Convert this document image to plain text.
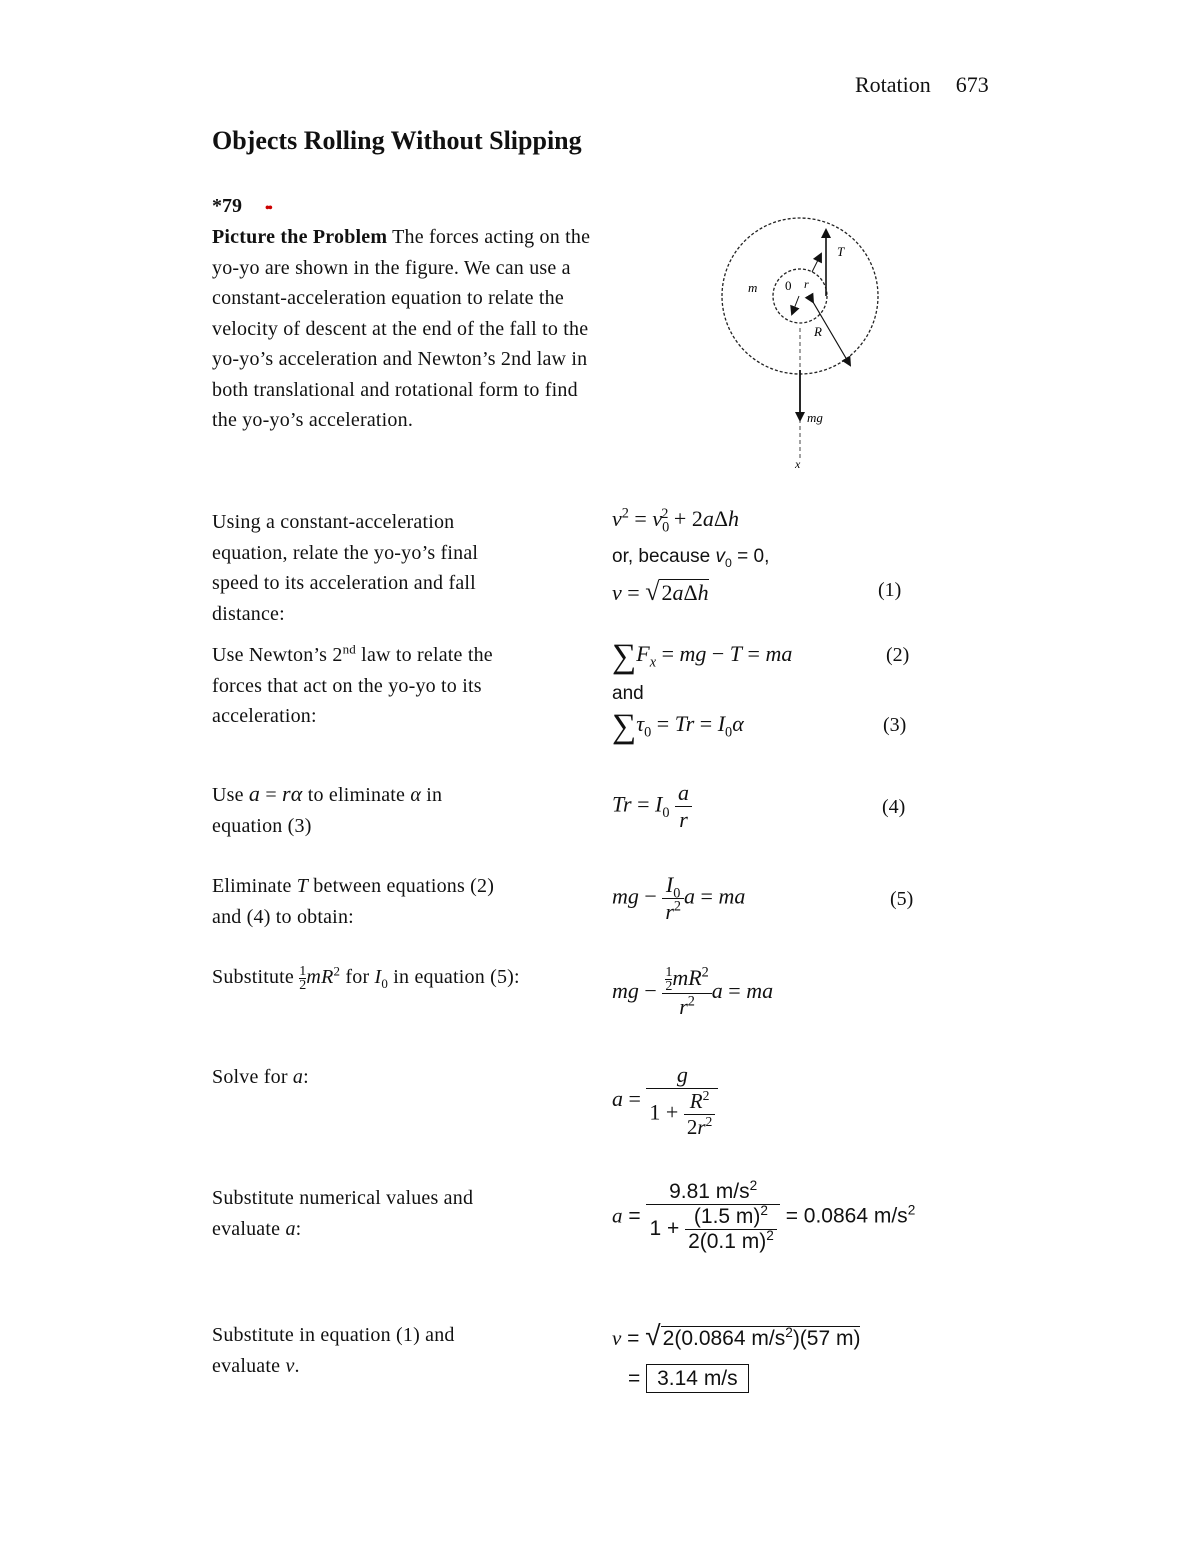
Rotation 673
Objects Rolling Without Slipping
*79 ••
Picture the Problem The forces acting on the yo-yo are shown in the figure. We can use a constant-acceleration equation to relate the velocity of descent at the end of the fall to the yo-yo’s acceleration and Newton’s 2nd law in both translational and rotational form to find the yo-yo’s acceleration.
m 0 r
T
R
mg
x
Using a constant-acceleration equation, relate the yo-yo’s final speed to its acceleration and fall distance:
$v^2 = v_0^2 + 2a\Delta h$
or, because $v_0 = 0$,
v = √2aΔh	(1)
Use Newton’s 2nd law to relate the forces that act on the yo-yo to its acceleration:
$\sum F_x$ = mg − T = ma	(2)
and
$\sum\tau_0 = Tr = I_0\alpha$	(3)
Use a = rα to eliminate α in equation (3)
$Tr = I_0 \frac{a}{r}$	(4)
Eliminate T between equations (2) and (4) to obtain:
mg − $\frac{I_0}{r^2}$ a = ma	(5)
Substitute $\frac{1}{2} mR^2$ for $I_0$ in equation (5):
mg − $\frac{\frac{1}{2} mR^2}{r^2}$ a = ma
Solve for a:
$a = \frac{g}{1 + \frac{R^2}{2r^2}}$
Substitute numerical values and evaluate a:
$a = \frac{9.81 m/s^2}{1 + \frac{(1.5 m)^2}{2(0.1 m)^2}} = 0.0864$ $m/s^2$
Substitute in equation (1) and evaluate v.
v = √2(0.0864 $m/s^2)(57$ m)
= 3.14 m/s
